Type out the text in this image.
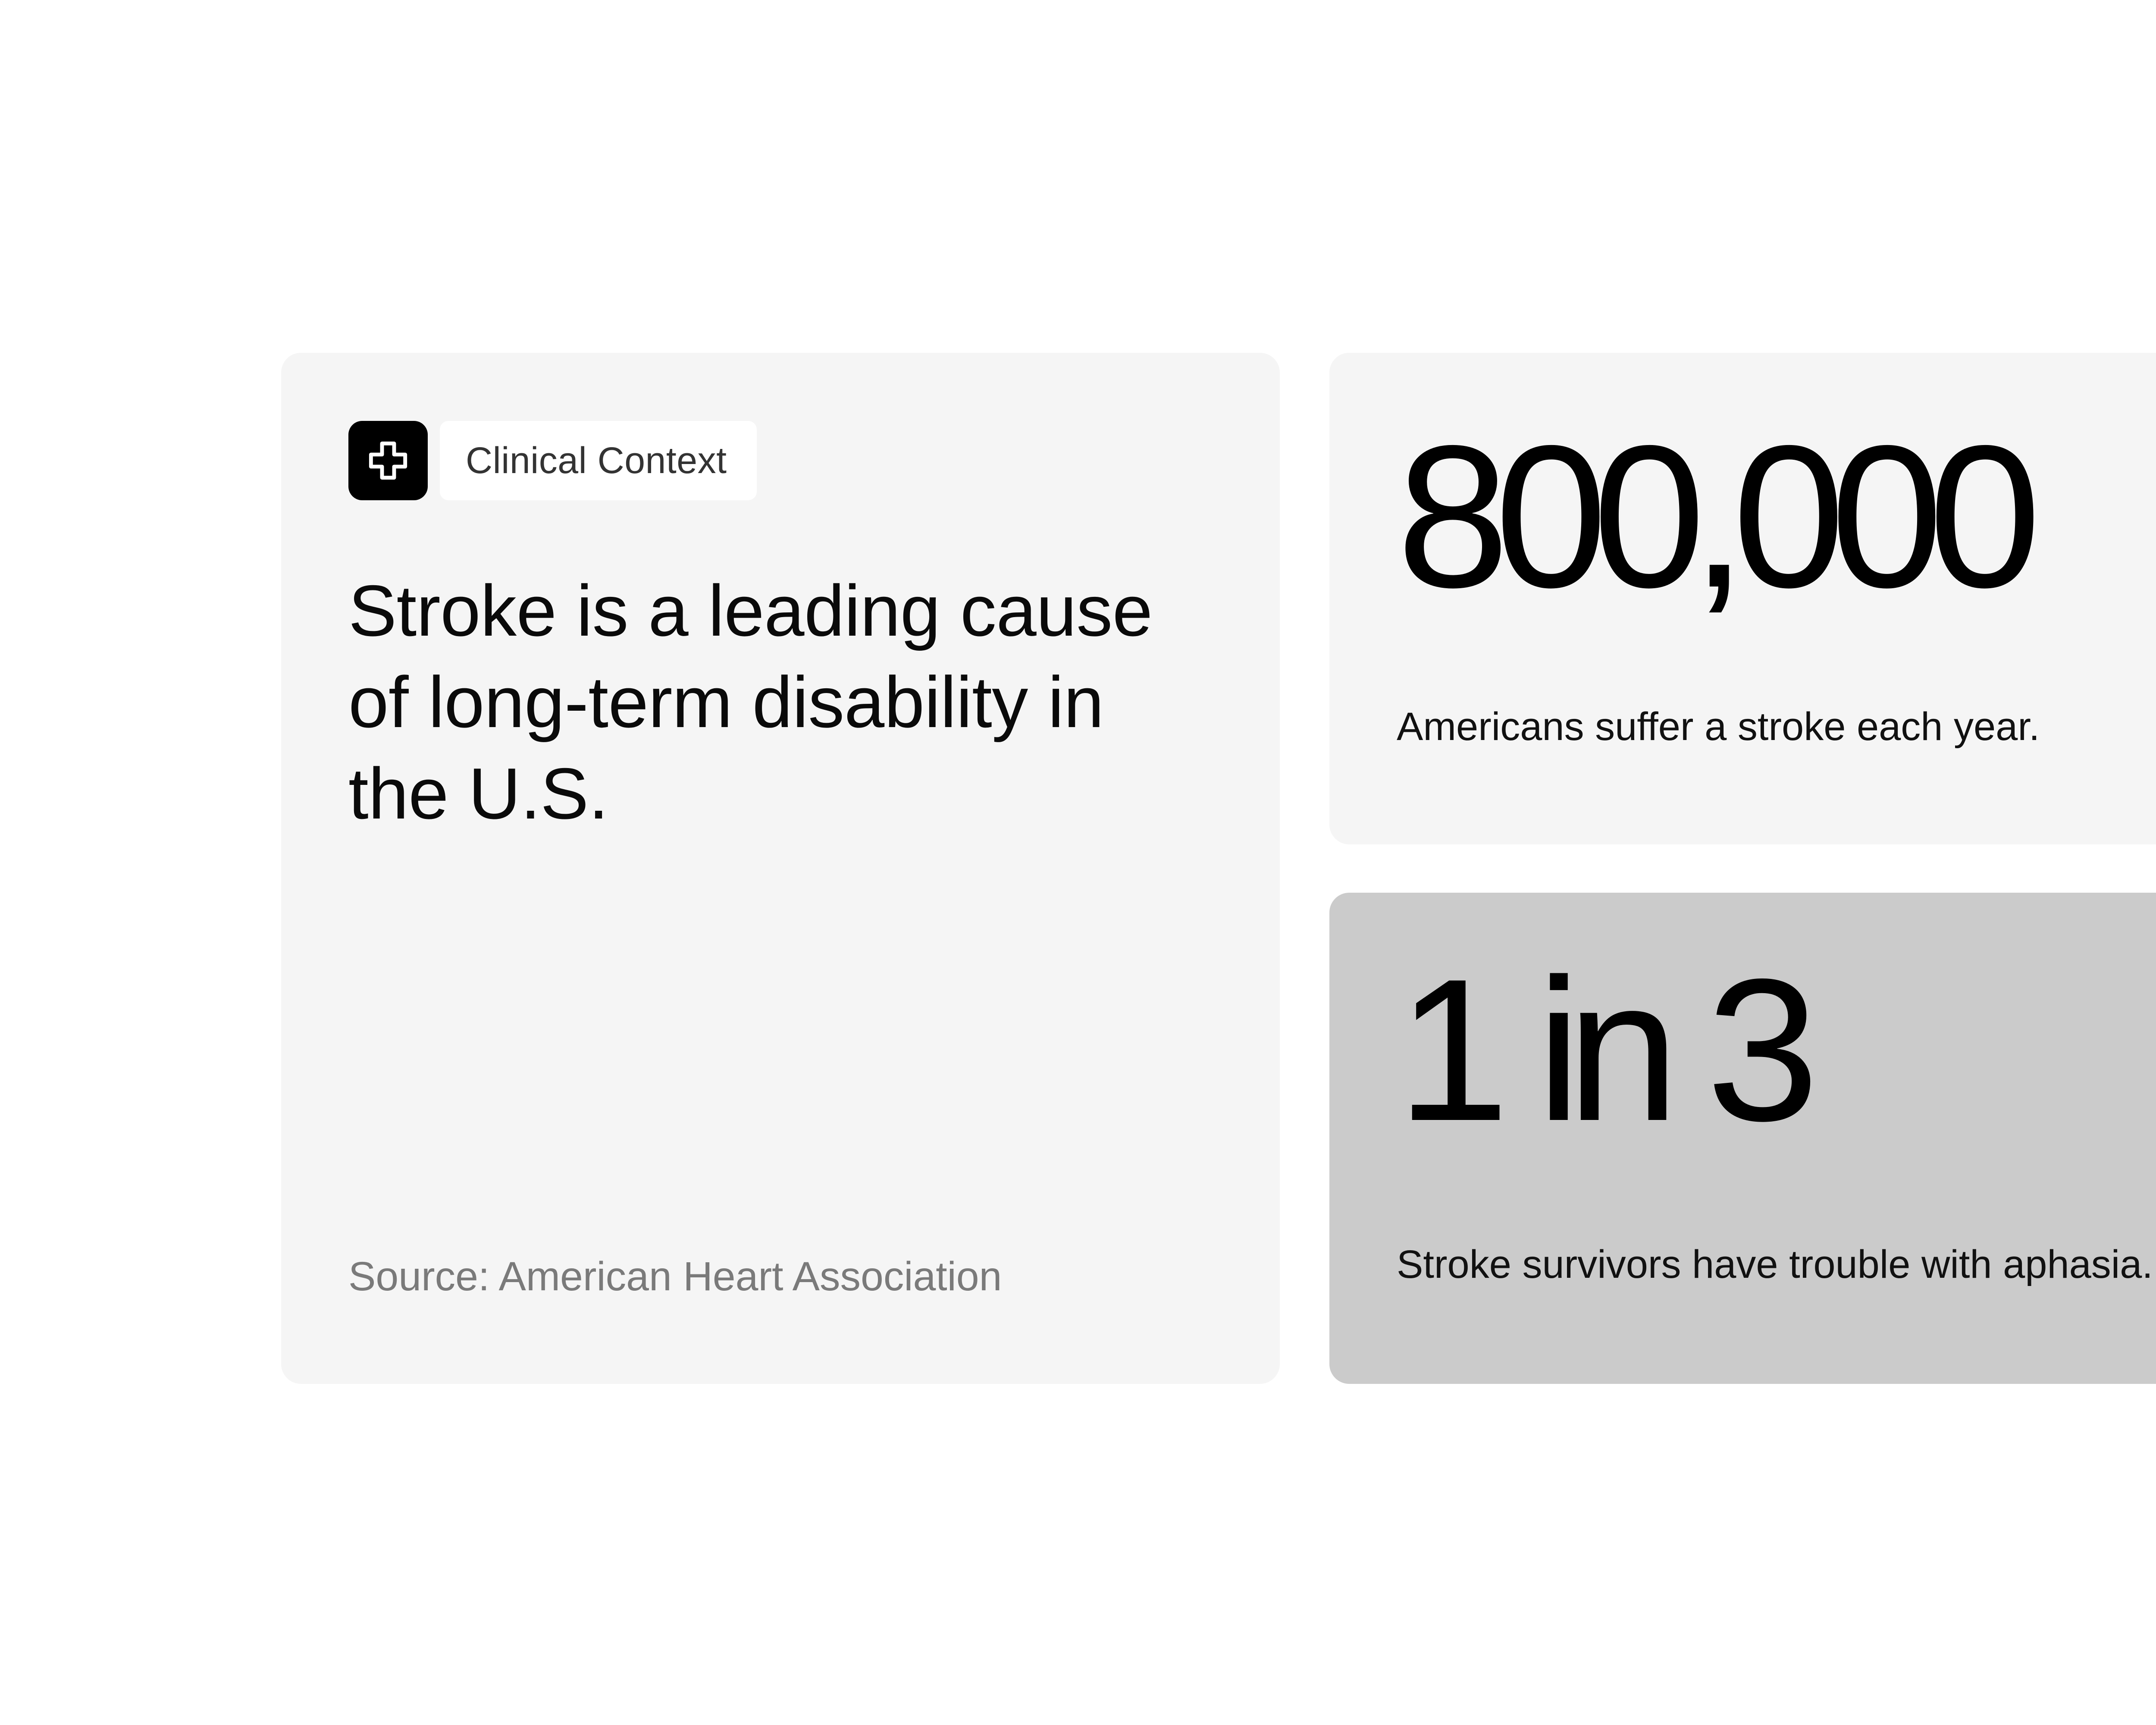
Clinical Context
Stroke is a leading cause of long-term disability in the U.S.
Source: American Heart Association
800,000
Americans suffer a stroke each year.
1 in 3
Stroke survivors have trouble with aphasia.
